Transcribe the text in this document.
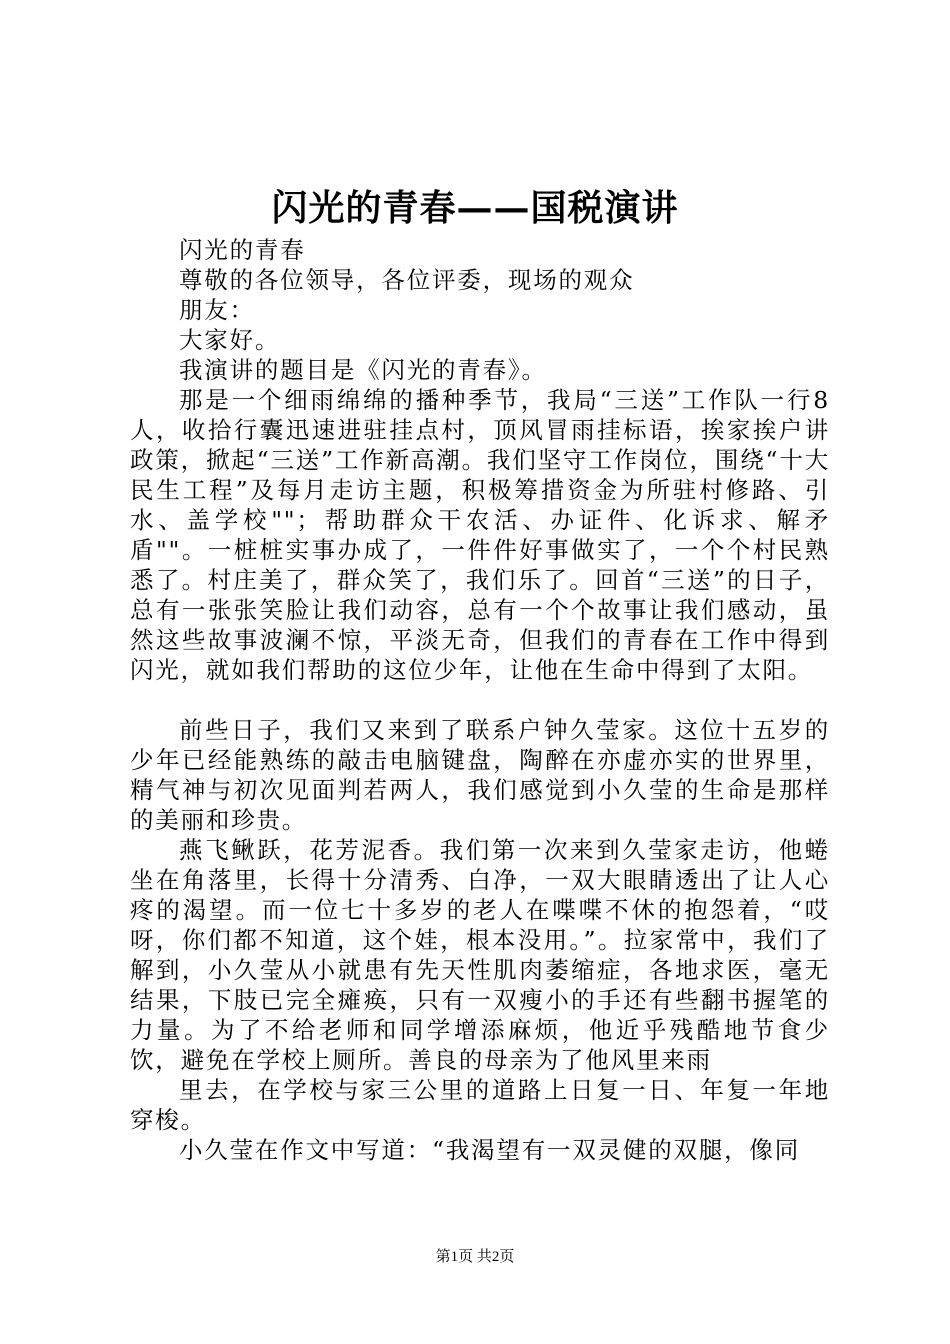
闪光的青春——国税演讲

闪光的青春

尊敬的各位领导，各位评委，现场的观众

朋友：

大家好。

我演讲的题目是《闪光的青春》。

那是一个细雨绵绵的播种季节，我局“三送”工作队一行8人，收拾行囊迅速进驻挂点村，顶风冒雨挂标语，挨家挨户讲政策，掀起“三送”工作新高潮。我们坚守工作岗位，围绕“十大民生工程”及每月走访主题，积极筹措资金为所驻村修路、引水、盖学校""；帮助群众干农活、办证件、化诉求、解矛盾""。一桩桩实事办成了，一件件好事做实了，一个个村民熟悉了。村庄美了，群众笑了，我们乐了。回首“三送”的日子，总有一张张笑脸让我们动容，总有一个个故事让我们感动，虽然这些故事波澜不惊，平淡无奇，但我们的青春在工作中得到闪光，就如我们帮助的这位少年，让他在生命中得到了太阳。

前些日子，我们又来到了联系户钟久莹家。这位十五岁的少年已经能熟练的敲击电脑键盘，陶醉在亦虚亦实的世界里，精气神与初次见面判若两人，我们感觉到小久莹的生命是那样的美丽和珍贵。

燕飞鳅跃，花芳泥香。我们第一次来到久莹家走访，他蜷坐在角落里，长得十分清秀、白净，一双大眼睛透出了让人心疼的渴望。而一位七十多岁的老人在喋喋不休的抱怨着，“哎呀，你们都不知道，这个娃，根本没用。”。拉家常中，我们了解到，小久莹从小就患有先天性肌肉萎缩症，各地求医，毫无结果，下肢已完全瘫痪，只有一双瘦小的手还有些翻书握笔的力量。为了不给老师和同学增添麻烦，他近乎残酷地节食少饮，避免在学校上厕所。善良的母亲为了他风里来雨

里去，在学校与家三公里的道路上日复一日、年复一年地穿梭。

小久莹在作文中写道：“我渴望有一双灵健的双腿，像同

第1页 共2页
